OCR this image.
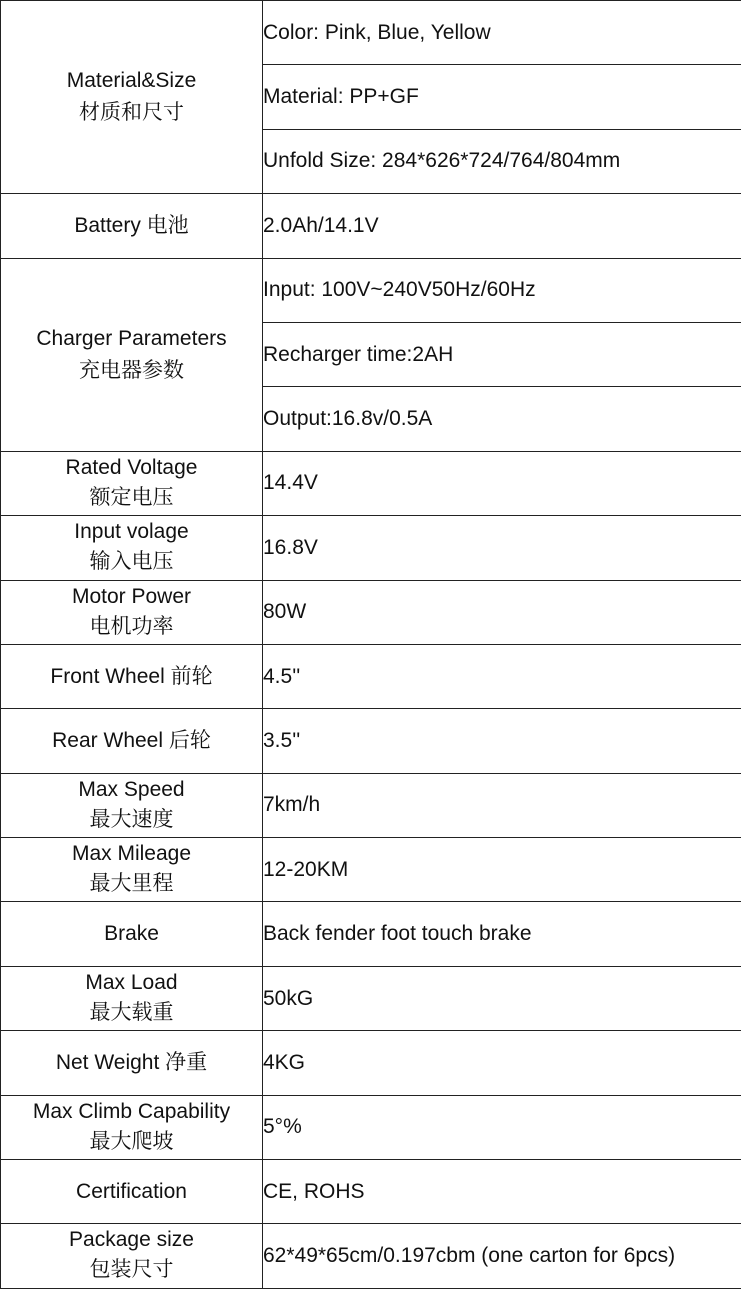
Material&Size
材质和尺寸	Color: Pink, Blue, Yellow
	Material: PP+GF
	Unfold Size: 284*626*724/764/804mm
Battery 电池	2.0Ah/14.1V
Charger Parameters
充电器参数	Input: 100V~240V50Hz/60Hz
	Recharger time:2AH
	Output:16.8v/0.5A

Rated Voltage
额定电压	14.4V

Input volage
输入电压	16.8V

Motor Power
电机功率	80W
Front Wheel 前轮	4.5''
Rear Wheel 后轮	3.5''

Max Speed
最大速度	7km/h

Max Mileage
最大里程	12-20KM
Brake	Back fender foot touch brake

Max Load
最大载重	50kG
Net Weight 净重	4KG

Max Climb Capability
最大爬坡	5°%
Certification	CE, ROHS

Package size
包装尺寸	62*49*65cm/0.197cbm (one carton for 6pcs)
